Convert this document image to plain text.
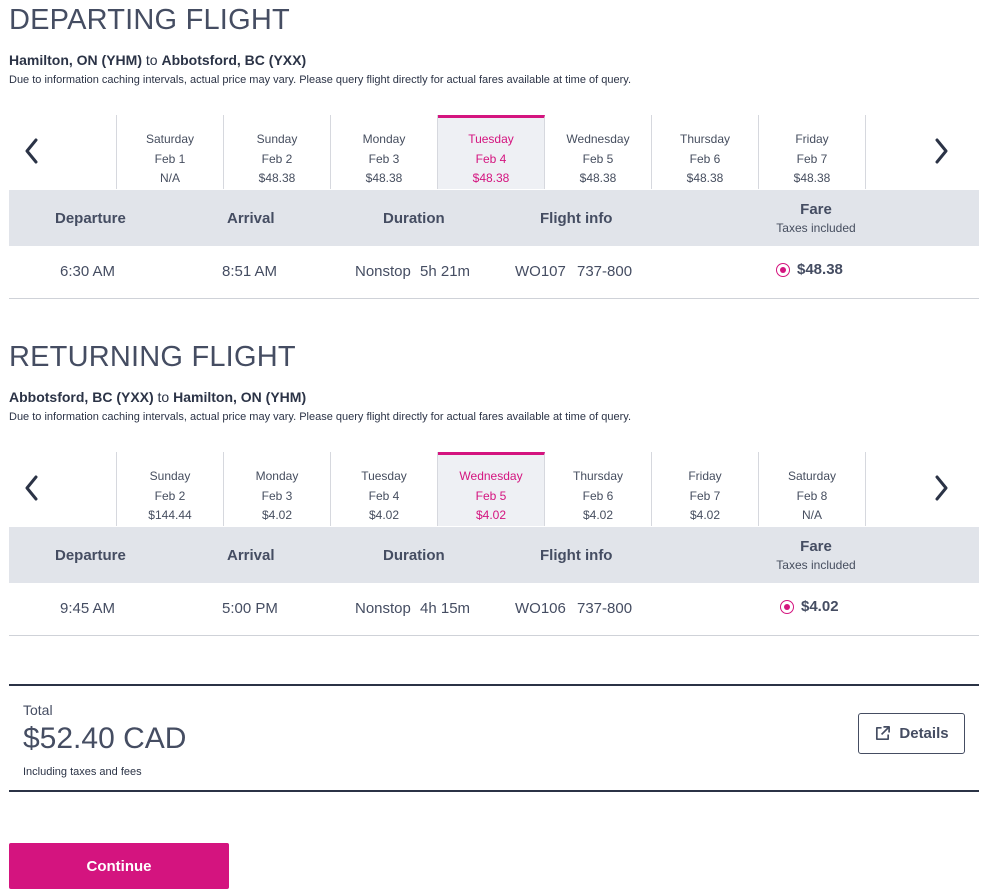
DEPARTING FLIGHT
Hamilton, ON (YHM) to Abbotsford, BC (YXX)
Due to information caching intervals, actual price may vary. Please query flight directly for actual fares available at time of query.
Saturday
Feb 1
N/A
Sunday
Feb 2
$48.38
Monday
Feb 3
$48.38
Tuesday
Feb 4
$48.38
Wednesday
Feb 5
$48.38
Thursday
Feb 6
$48.38
Friday
Feb 7
$48.38
Departure	Arrival	Duration	Flight info
Fare
Taxes included
6:30 AM	8:51 AM	Nonstop 5h 21m	WO107 737-800	$48.38
RETURNING FLIGHT
Abbotsford, BC (YXX) to Hamilton, ON (YHM)
Due to information caching intervals, actual price may vary. Please query flight directly for actual fares available at time of query.
Sunday
Feb 2
$144.44
Monday
Feb 3
$4.02
Tuesday
Feb 4
$4.02
Wednesday
Feb 5
$4.02
Thursday
Feb 6
$4.02
Friday
Feb 7
$4.02
Saturday
Feb 8
N/A
Departure	Arrival	Duration	Flight info
Fare
Taxes included
9:45 AM	5:00 PM	Nonstop 4h 15m	WO106 737-800	$4.02
Total
$52.40 CAD
Including taxes and fees
Details
Continue
